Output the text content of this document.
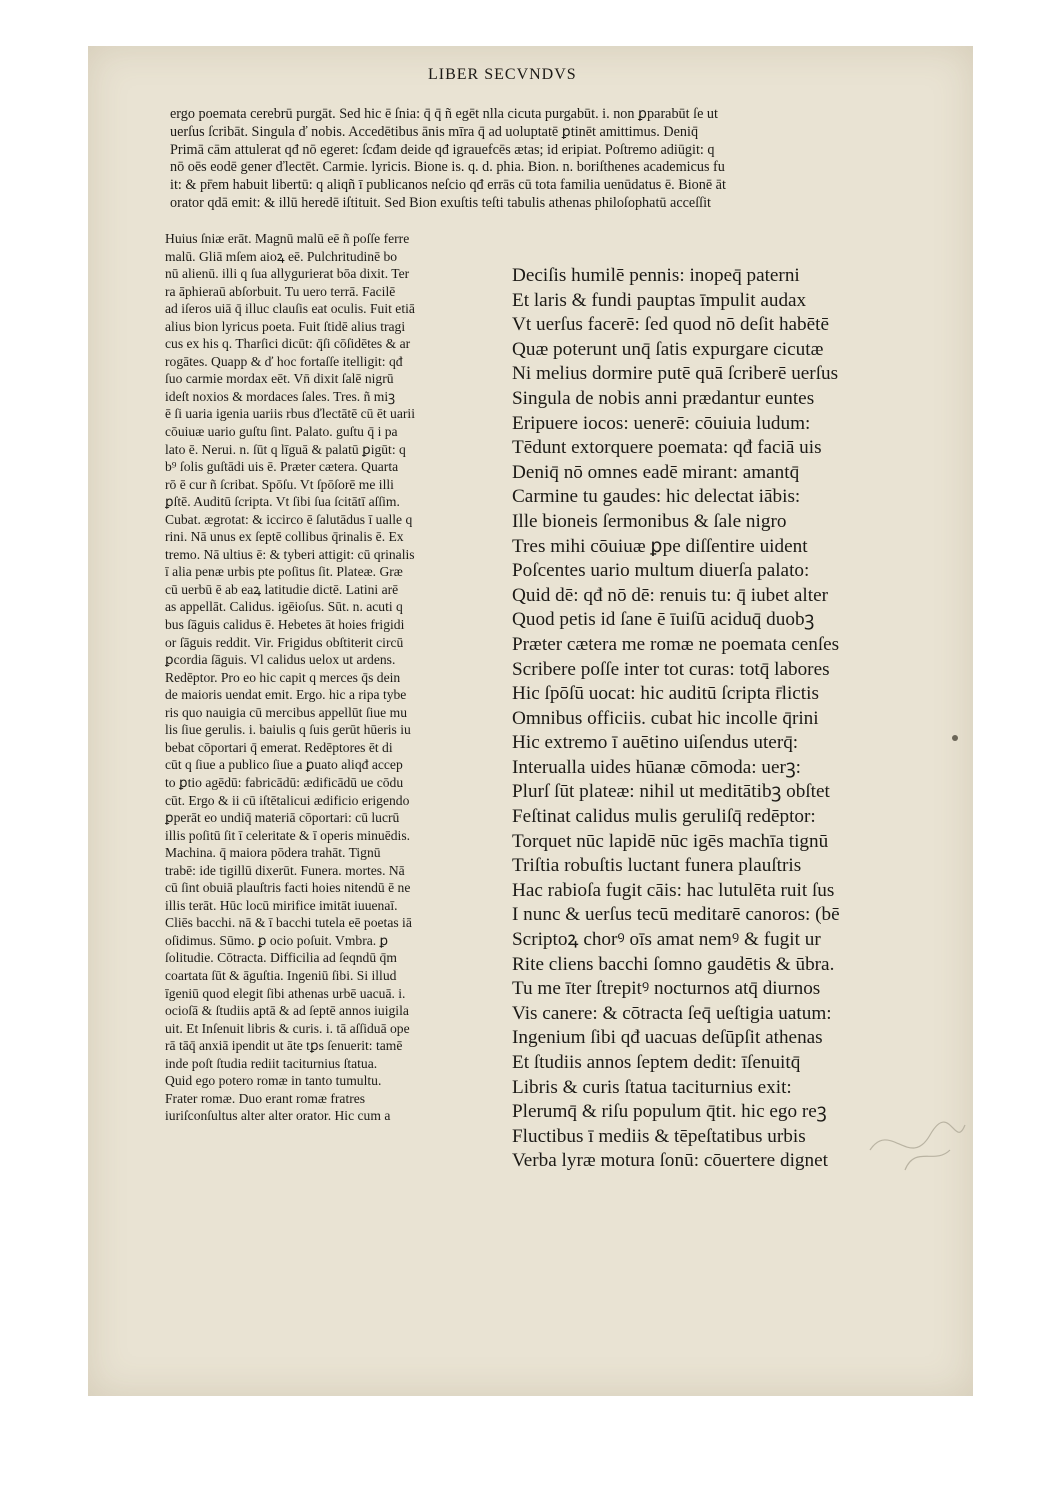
LIBER SECVNDVS
ergo poemata cerebrū purgāt. Sed hic ē ſnia: q̄ q̄ ñ egēt nlla cicuta purgabūt. i. non ꝑparabūt ſe ut
uerſus ſcribāt. Singula ď nobis. Accedētibus ānis mīra q̄ ad uoluptatē ꝑtinēt amittimus. Deniq̄
Primā cām attulerat qđ nō egeret: ſcđam deide qđ igrauefcēs ætas; id eripiat. Poſtremo adiūgit: q
nō oēs eodē gener ďlectēt. Carmie. lyricis. Bione is. q. d. phia. Bion. n. boriſthenes academicus fu
it: & pr̄em habuit libertū: q aliqñ ī publicanos neſcio qđ errās cū tota familia uenūdatus ē. Bionē āt
orator qdā emit: & illū heredē iſtituit. Sed Bion exuſtis teſti tabulis athenas philoſophatū acceſſit
Huius ſniæ erāt. Magnū malū eē ñ poſſe ferre
malū. Gliā mſem aioꝝ eē. Pulchritudinē bo
nū alienū. illi q ſua allygurierat bōa dixit. Ter
ra āphieraū abſorbuit. Tu uero terrā. Facilē
ad iſeros uiā q̄ illuc clauſis eat oculis. Fuit etiā
alius bion lyricus poeta. Fuit ſtidē alius tragi
cus ex his q. Tharſici dicūt: q̄ſi cōſidētes & ar
rogātes. Quapp & ď hoc fortaſſe itelligit: qđ
ſuo carmie mordax eēt. Vn̄ dixit ſalē nigrū
ideſt noxios & mordaces ſales. Tres. ñ miꝫ
ē ſi uaria igenia uariis rbus ďlectātē cū ēt uarii
cōuiuæ uario guſtu ſint. Palato. guſtu q̄ i pa
lato ē. Nerui. n. ſūt q līguā & palatū ꝑigūt: q
b⁹ ſolis guſtādi uis ē. Præter cætera. Quarta
rō ē cur ñ ſcribat. Spōſu. Vt ſpōſorē me illi
ꝑſtē. Auditū ſcripta. Vt ſibi ſua ſcitātī aſſim.
Cubat. ægrotat: & iccirco ē ſalutādus ī ualle q
rini. Nā unus ex ſeptē collibus q̄rinalis ē. Ex
tremo. Nā ultius ē: & tyberi attigit: cū qrinalis
ī alia penæ urbis pte poſitus ſit. Plateæ. Græ
cū uerbū ē ab eaꝝ latitudie dictē. Latini arē
as appellāt. Calidus. igēioſus. Sūt. n. acuti q
bus ſāguis calidus ē. Hebetes āt hoies frigidi
or ſāguis reddit. Vir. Frigidus obſtiterit circū
ꝑcordia ſāguis. Vl calidus uelox ut ardens.
Redēptor. Pro eo hic capit q merces q̄s dein
de maioris uendat emit. Ergo. hic a ripa tybe
ris quo nauigia cū mercibus appellūt ſiue mu
lis ſiue gerulis. i. baiulis q ſuis gerūt hūeris iu
bebat cōportari q̄ emerat. Redēptores ēt di
cūt q ſiue a publico ſiue a ꝑuato aliqđ accep
to ꝑtio agēdū: fabricādū: ædificādū ue cōdu
cūt. Ergo & ii cū iſtētalicui ædificio erigendo
ꝑperāt eo undiq̄ materiā cōportari: cū lucrū
illis poſitū ſit ī celeritate & ī operis minuēdis.
Machina. q̄ maiora pōdera trahāt. Tignū
trabē: ide tigillū dixerūt. Funera. mortes. Nā
cū ſint obuiā plauſtris facti hoies nitendū ē ne
illis terāt. Hūc locū mirifice imitāt iuuenaī.
Cliēs bacchi. nā & ī bacchi tutela eē poetas iā
oſidimus. Sūmo. ꝑ ocio poſuit. Vmbra. ꝑ
ſolitudie. Cōtracta. Difficilia ad ſeqndū q̄m
coartata ſūt & āguſtia. Ingeniū ſibi. Si illud
īgeniū quod elegit ſibi athenas urbē uacuā. i.
ocioſā & ſtudiis aptā & ad ſeptē annos iuigila
uit. Et Inſenuit libris & curis. i. tā aſſiduā ope
rā tāq̄ anxiā ipendit ut āte tꝑs ſenuerit: tamē
inde poſt ſtudia rediit taciturnius ſtatua.
Quid ego potero romæ in tanto tumultu.
Frater romæ. Duo erant romæ fratres
iuriſconſultus alter alter orator. Hic cum a
Deciſis humilē pennis: inopeq̄ paterni
Et laris & fundi pauptas īmpulit audax
Vt uerſus facerē: ſed quod nō deſit habētē
Quæ poterunt unq̄ ſatis expurgare cicutæ
Ni melius dormire putē quā ſcriberē uerſus
Singula de nobis anni prædantur euntes
Eripuere iocos: uenerē: cōuiuia ludum:
Tēdunt extorquere poemata: qđ faciā uis
Deniq̄ nō omnes eadē mirant: amantq̄
Carmine tu gaudes: hic delectat iābis:
Ille bioneis ſermonibus & ſale nigro
Tres mihi cōuiuæ ꝑpe diſſentire uident
Poſcentes uario multum diuerſa palato:
Quid dē: qđ nō dē: renuis tu: q̄ iubet alter
Quod petis id ſane ē īuiſū aciduq̄ duobꝫ
Præter cætera me romæ ne poemata cenſes
Scribere poſſe inter tot curas: totq̄ labores
Hic ſpōſū uocat: hic auditū ſcripta r̄lictis
Omnibus officiis. cubat hic incolle q̄rini
Hic extremo ī auētino uiſendus uterq̄:
Interualla uides hūanæ cōmoda: uerꝫ:
Plurſ ſūt plateæ: nihil ut meditātibꝫ obſtet
Feſtinat calidus mulis geruliſq̄ redēptor:
Torquet nūc lapidē nūc igēs machīa tignū
Triſtia robuſtis luctant funera plauſtris
Hac rabioſa fugit cāis: hac lutulēta ruit ſus
I nunc & uerſus tecū meditarē canoros: (bē
Scriptoꝝ chorꝰ oīs amat nemꝰ & fugit ur
Rite cliens bacchi ſomno gaudētis & ūbra.
Tu me īter ſtrepitꝰ nocturnos atq̄ diurnos
Vis canere: & cōtracta ſeq̄ ueſtigia uatum:
Ingenium ſibi qđ uacuas deſūpſit athenas
Et ſtudiis annos ſeptem dedit: īſenuitq̄
Libris & curis ſtatua taciturnius exit:
Plerumq̄ & riſu populum q̄tit. hic ego reꝫ
Fluctibus ī mediis & tēpeſtatibus urbis
Verba lyræ motura ſonū: cōuertere dignet
